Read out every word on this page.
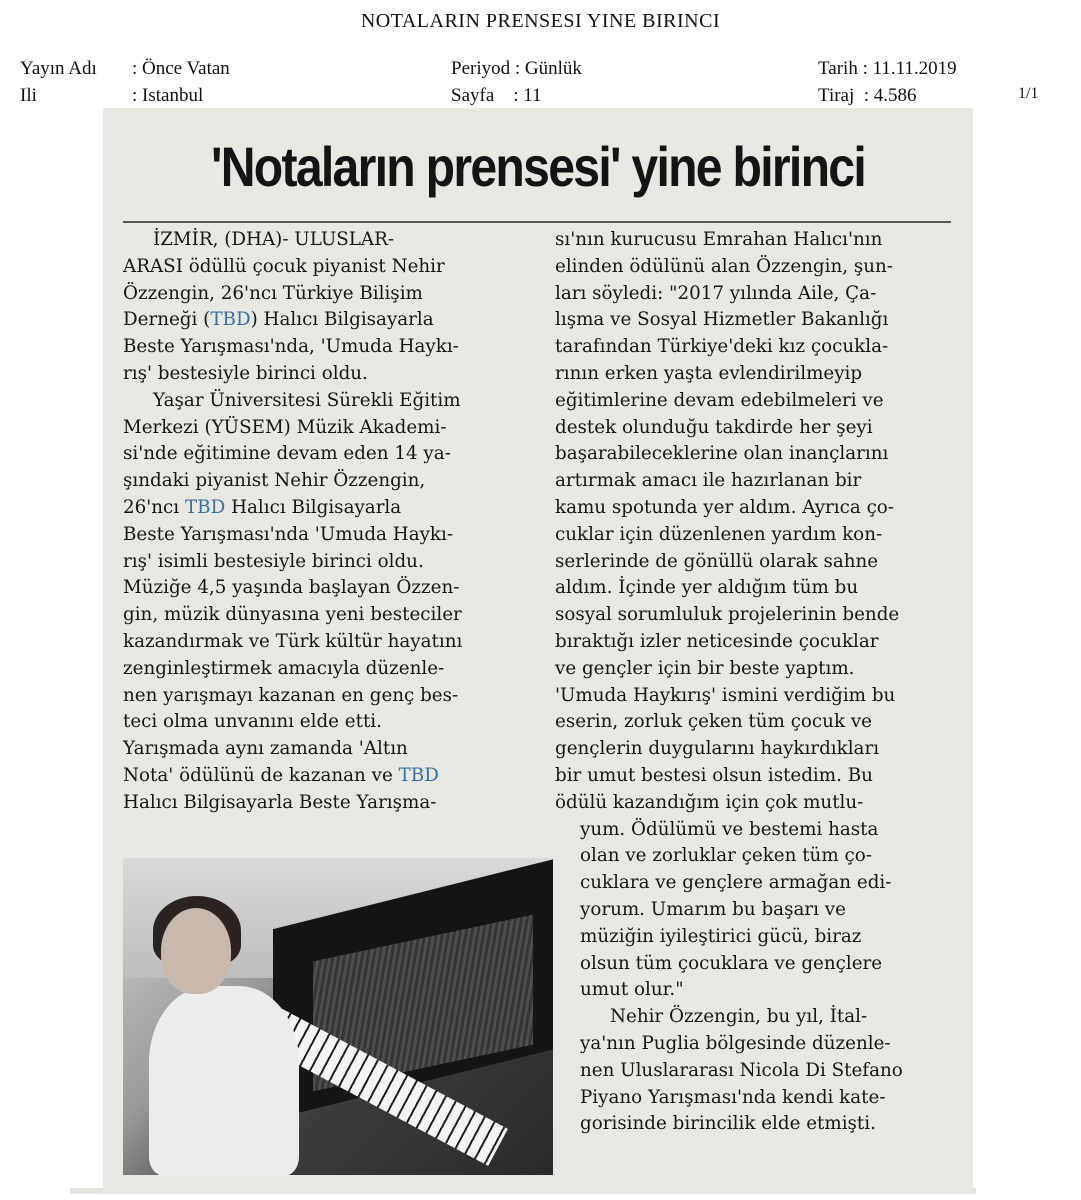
NOTALARIN PRENSESI YINE BIRINCI
Yayın Adı : Önce Vatan
Ili	: Istanbul
Periyod : Günlük
Sayfa    : 11
Tarih : 11.11.2019
Tiraj  : 4.586	1/1
'Notaların prensesi' yine birinci
İZMİR, (DHA)- ULUSLAR-
ARASI ödüllü çocuk piyanist Nehir
Özzengin, 26'ncı Türkiye Bilişim
Derneği (TBD) Halıcı Bilgisayarla
Beste Yarışması'nda, 'Umuda Haykı-
rış' bestesiyle birinci oldu.
Yaşar Üniversitesi Sürekli Eğitim
Merkezi (YÜSEM) Müzik Akademi-
si'nde eğitimine devam eden 14 ya-
şındaki piyanist Nehir Özzengin,
26'ncı TBD Halıcı Bilgisayarla
Beste Yarışması'nda 'Umuda Haykı-
rış' isimli bestesiyle birinci oldu.
Müziğe 4,5 yaşında başlayan Özzen-
gin, müzik dünyasına yeni besteciler
kazandırmak ve Türk kültür hayatını
zenginleştirmek amacıyla düzenle-
nen yarışmayı kazanan en genç bes-
teci olma unvanını elde etti.
Yarışmada aynı zamanda 'Altın
Nota' ödülünü de kazanan ve TBD
Halıcı Bilgisayarla Beste Yarışma-
sı'nın kurucusu Emrahan Halıcı'nın
elinden ödülünü alan Özzengin, şun-
ları söyledi: "2017 yılında Aile, Ça-
lışma ve Sosyal Hizmetler Bakanlığı
tarafından Türkiye'deki kız çocukla-
rının erken yaşta evlendirilmeyip
eğitimlerine devam edebilmeleri ve
destek olunduğu takdirde her şeyi
başarabileceklerine olan inançlarını
artırmak amacı ile hazırlanan bir
kamu spotunda yer aldım. Ayrıca ço-
cuklar için düzenlenen yardım kon-
serlerinde de gönüllü olarak sahne
aldım. İçinde yer aldığım tüm bu
sosyal sorumluluk projelerinin bende
bıraktığı izler neticesinde çocuklar
ve gençler için bir beste yaptım.
'Umuda Haykırış' ismini verdiğim bu
eserin, zorluk çeken tüm çocuk ve
gençlerin duygularını haykırdıkları
bir umut bestesi olsun istedim. Bu
ödülü kazandığım için çok mutlu-
yum. Ödülümü ve bestemi hasta
olan ve zorluklar çeken tüm ço-
cuklara ve gençlere armağan edi-
yorum. Umarım bu başarı ve
müziğin iyileştirici gücü, biraz
olsun tüm çocuklara ve gençlere
umut olur."
Nehir Özzengin, bu yıl, İtal-
ya'nın Puglia bölgesinde düzenle-
nen Uluslararası Nicola Di Stefano
Piyano Yarışması'nda kendi kate-
gorisinde birincilik elde etmişti.
